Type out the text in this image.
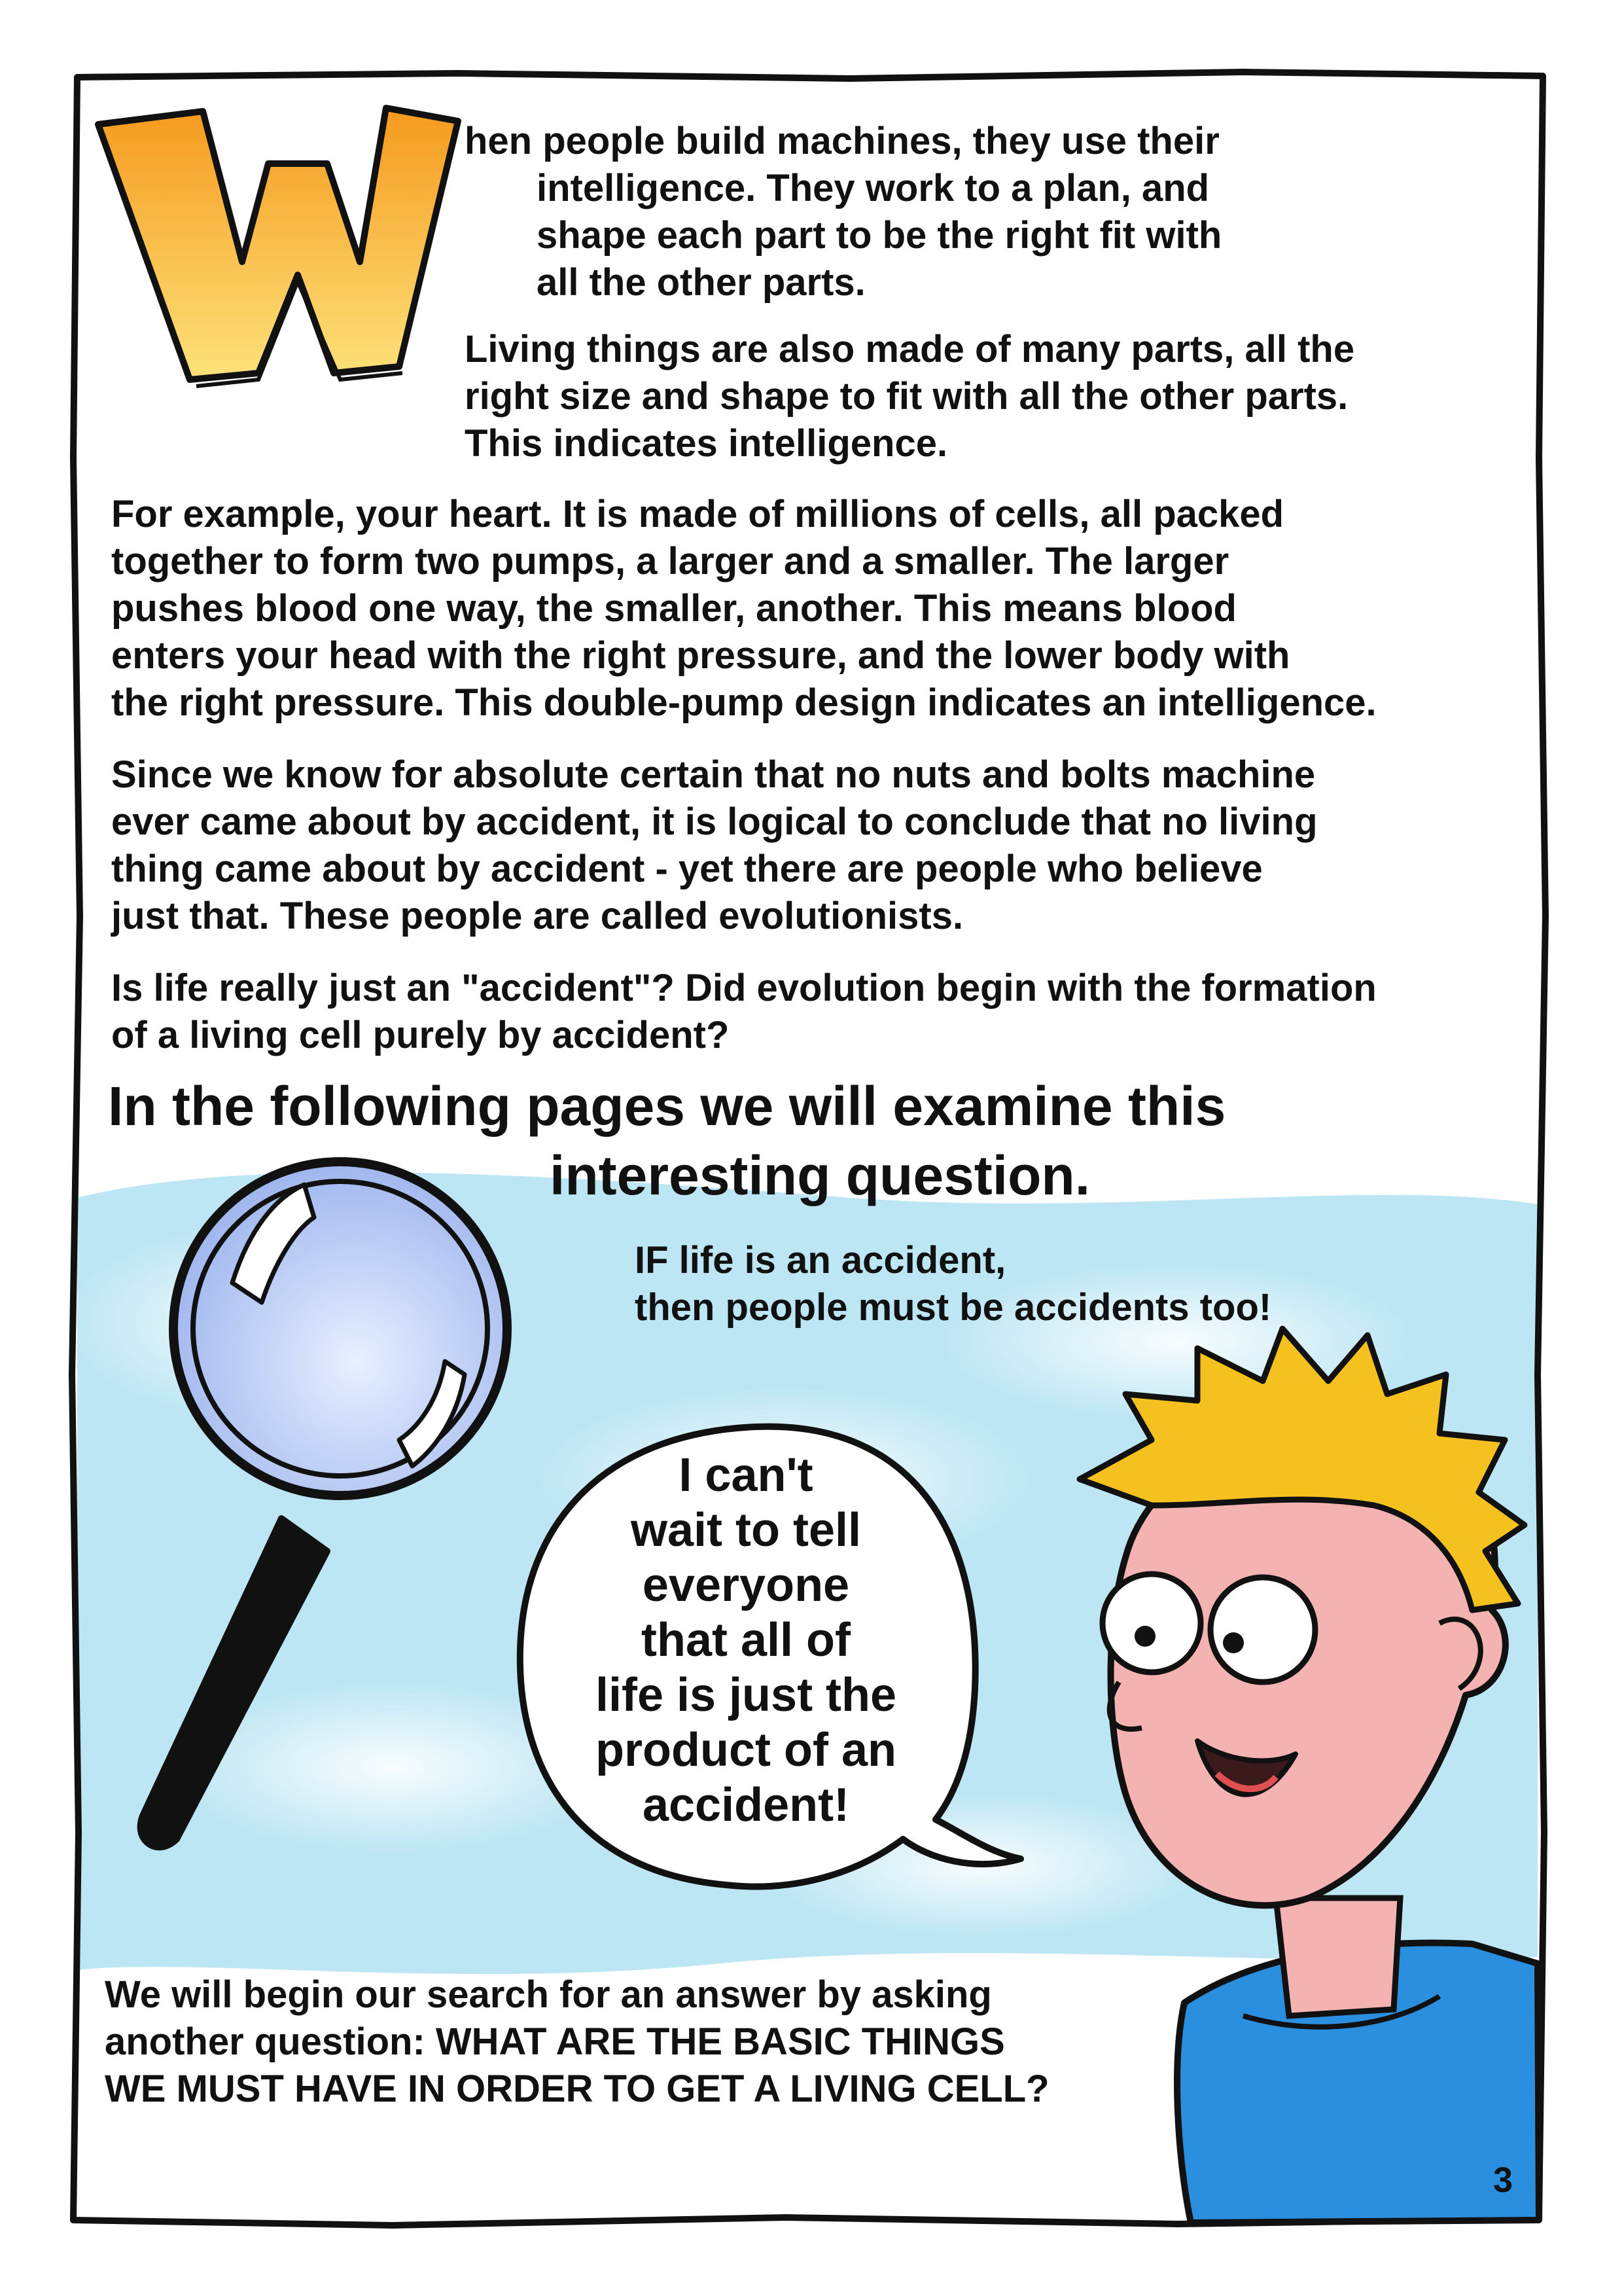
hen people build machines, they use their
intelligence. They work to a plan, and
shape each part to be the right fit with
all the other parts.
Living things are also made of many parts, all the
right size and shape to fit with all the other parts.
This indicates intelligence.
For example, your heart. It is made of millions of cells, all packed
together to form two pumps, a larger and a smaller. The larger
pushes blood one way, the smaller, another. This means blood
enters your head with the right pressure, and the lower body with
the right pressure. This double-pump design indicates an intelligence.
Since we know for absolute certain that no nuts and bolts machine
ever came about by accident, it is logical to conclude that no living
thing came about by accident - yet there are people who believe
just that. These people are called evolutionists.
Is life really just an "accident"? Did evolution begin with the formation
of a living cell purely by accident?
In the following pages we will examine this
interesting question.
IF life is an accident,
then people must be accidents too!
I can't
wait to tell
everyone
that all of
life is just the
product of an
accident!
We will begin our search for an answer by asking
another question: WHAT ARE THE BASIC THINGS
WE MUST HAVE IN ORDER TO GET A LIVING CELL?
3
